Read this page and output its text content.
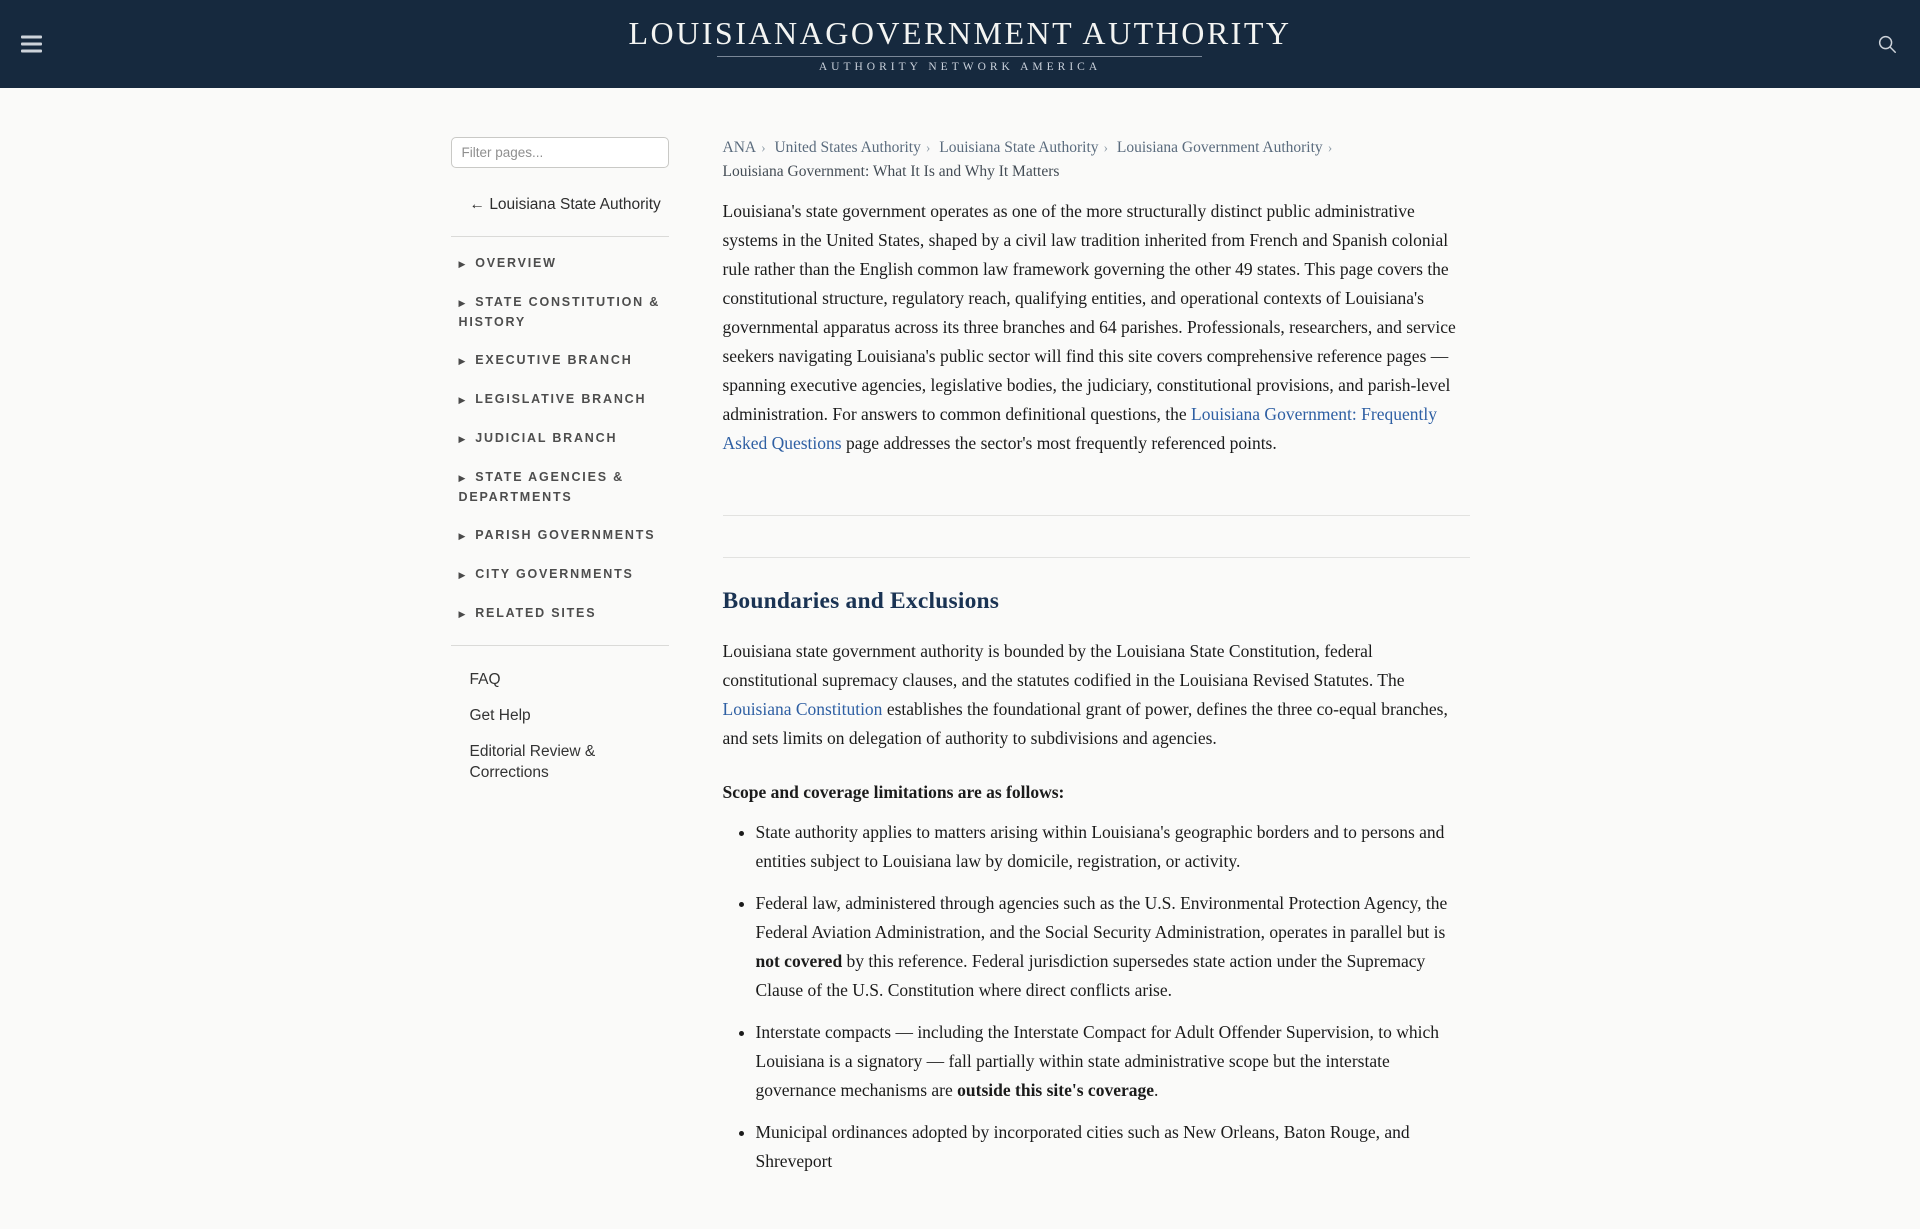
LOUISIANAGOVERNMENT AUTHORITY
AUTHORITY NETWORK AMERICA
Filter pages...
← Louisiana State Authority
▶ OVERVIEW
▶ STATE CONSTITUTION & HISTORY
▶ EXECUTIVE BRANCH
▶ LEGISLATIVE BRANCH
▶ JUDICIAL BRANCH
▶ STATE AGENCIES & DEPARTMENTS
▶ PARISH GOVERNMENTS
▶ CITY GOVERNMENTS
▶ RELATED SITES
FAQ
Get Help
Editorial Review & Corrections
ANA › United States Authority › Louisiana State Authority › Louisiana Government Authority ›
Louisiana Government: What It Is and Why It Matters

Louisiana's state government operates as one of the more structurally distinct public administrative systems in the United States, shaped by a civil law tradition inherited from French and Spanish colonial rule rather than the English common law framework governing the other 49 states. This page covers the constitutional structure, regulatory reach, qualifying entities, and operational contexts of Louisiana's governmental apparatus across its three branches and 64 parishes. Professionals, researchers, and service seekers navigating Louisiana's public sector will find this site covers comprehensive reference pages — spanning executive agencies, legislative bodies, the judiciary, constitutional provisions, and parish-level administration. For answers to common definitional questions, the Louisiana Government: Frequently Asked Questions page addresses the sector's most frequently referenced points.

Boundaries and Exclusions

Louisiana state government authority is bounded by the Louisiana State Constitution, federal constitutional supremacy clauses, and the statutes codified in the Louisiana Revised Statutes. The Louisiana Constitution establishes the foundational grant of power, defines the three co-equal branches, and sets limits on delegation of authority to subdivisions and agencies.

Scope and coverage limitations are as follows:

• State authority applies to matters arising within Louisiana's geographic borders and to persons and entities subject to Louisiana law by domicile, registration, or activity.
• Federal law, administered through agencies such as the U.S. Environmental Protection Agency, the Federal Aviation Administration, and the Social Security Administration, operates in parallel but is not covered by this reference. Federal jurisdiction supersedes state action under the Supremacy Clause of the U.S. Constitution where direct conflicts arise.
• Interstate compacts — including the Interstate Compact for Adult Offender Supervision, to which Louisiana is a signatory — fall partially within state administrative scope but the interstate governance mechanisms are outside this site's coverage.
• Municipal ordinances adopted by incorporated cities such as New Orleans, Baton Rouge, and Shreveport
